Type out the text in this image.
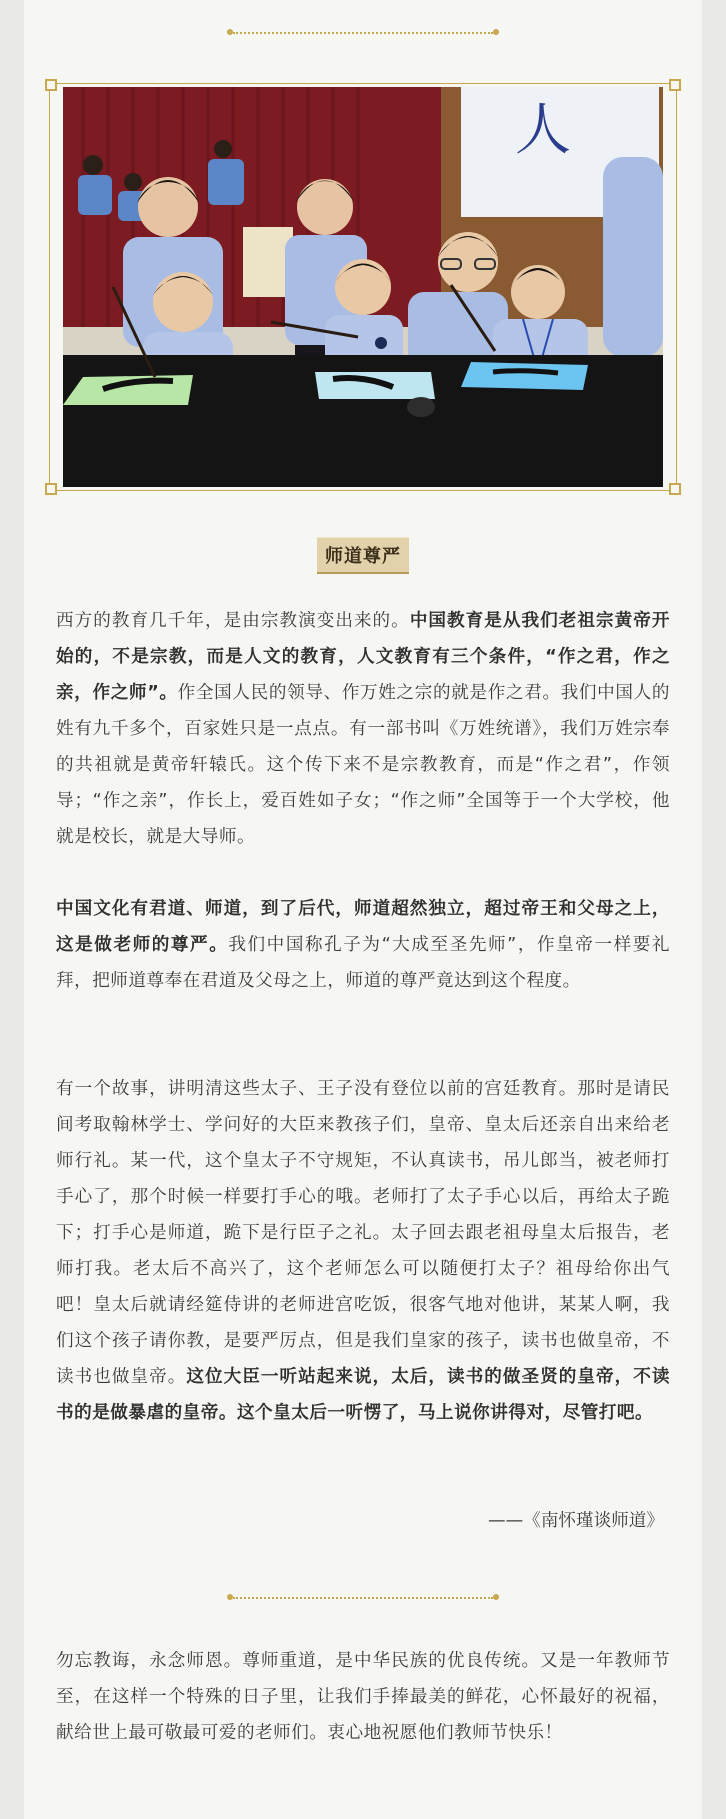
人
师道尊严

西方的教育几千年，是由宗教演变出来的。中国教育是从我们老祖宗黄帝开始的，不是宗教，而是人文的教育，人文教育有三个条件，“作之君，作之亲，作之师”。作全国人民的领导、作万姓之宗的就是作之君。我们中国人的姓有九千多个，百家姓只是一点点。有一部书叫《万姓统谱》，我们万姓宗奉的共祖就是黄帝轩辕氏。这个传下来不是宗教教育，而是“作之君”，作领导；“作之亲”，作长上，爱百姓如子女；“作之师”全国等于一个大学校，他就是校长，就是大导师。

中国文化有君道、师道，到了后代，师道超然独立，超过帝王和父母之上，这是做老师的尊严。我们中国称孔子为“大成至圣先师”，作皇帝一样要礼拜，把师道尊奉在君道及父母之上，师道的尊严竟达到这个程度。

有一个故事，讲明清这些太子、王子没有登位以前的宫廷教育。那时是请民间考取翰林学士、学问好的大臣来教孩子们，皇帝、皇太后还亲自出来给老师行礼。某一代，这个皇太子不守规矩，不认真读书，吊儿郎当，被老师打手心了，那个时候一样要打手心的哦。老师打了太子手心以后，再给太子跪下；打手心是师道，跪下是行臣子之礼。太子回去跟老祖母皇太后报告，老师打我。老太后不高兴了，这个老师怎么可以随便打太子？祖母给你出气吧！皇太后就请经筵侍讲的老师进宫吃饭，很客气地对他讲，某某人啊，我们这个孩子请你教，是要严厉点，但是我们皇家的孩子，读书也做皇帝，不读书也做皇帝。这位大臣一听站起来说，太后，读书的做圣贤的皇帝，不读书的是做暴虐的皇帝。这个皇太后一听愣了，马上说你讲得对，尽管打吧。

——《南怀瑾谈师道》

勿忘教诲，永念师恩。尊师重道，是中华民族的优良传统。又是一年教师节至，在这样一个特殊的日子里，让我们手捧最美的鲜花，心怀最好的祝福，献给世上最可敬最可爱的老师们。衷心地祝愿他们教师节快乐！
